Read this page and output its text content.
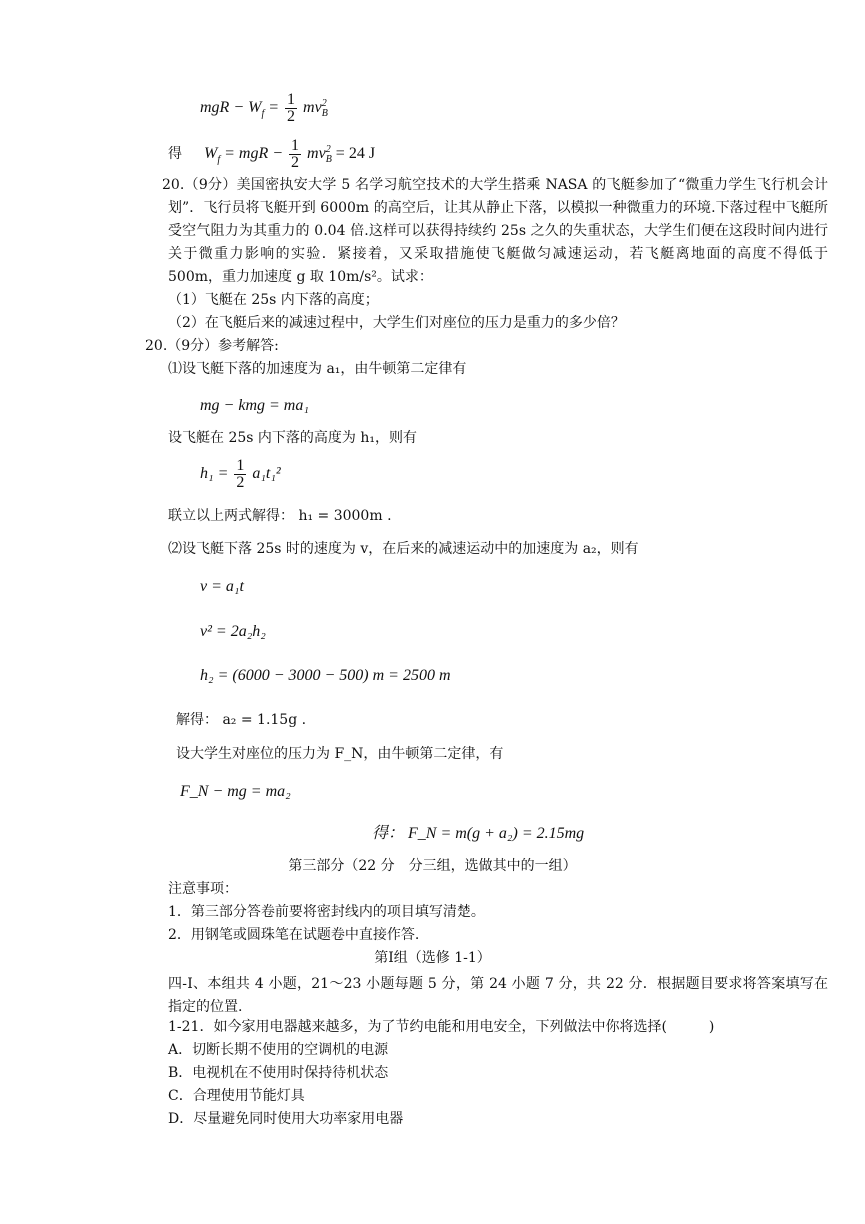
mgR − $W_f = \frac{1}{2}$ mv 2
B
得 $W_f$ = mgR − $\frac{1}{2}$ mv 2
B = 24 J
20.（9分）美国密执安大学 5 名学习航空技术的大学生搭乘 NASA 的飞艇参加了“微重力学生飞行机会计划”．飞行员将飞艇开到 6000m 的高空后，让其从静止下落，以模拟一种微重力的环境.下落过程中飞艇所受空气阻力为其重力的 0.04 倍.这样可以获得持续约 25s 之久的失重状态，大学生们便在这段时间内进行关于微重力影响的实验．紧接着，又采取措施使飞艇做匀减速运动，若飞艇离地面的高度不得低于 500m，重力加速度 g 取 10m/s²。试求：
（1）飞艇在 25s 内下落的高度；
（2）在飞艇后来的减速过程中，大学生们对座位的压力是重力的多少倍？
20.（9分）参考解答:
⑴设飞艇下落的加速度为 a₁，由牛顿第二定律有
mg − kmg = ma₁
设飞艇在 25s 内下落的高度为 h₁，则有
$h_1 = \frac{1}{2} a_1t_1^2$
联立以上两式解得： h₁ = 3000m .
⑵设飞艇下落 25s 时的速度为 v，在后来的减速运动中的加速度为 a₂，则有
v = a₁t
v² = 2a₂h₂
h₂ = (6000 − 3000 − 500) m = 2500 m
解得： a₂ = 1.15g .
设大学生对座位的压力为 F_N，由牛顿第二定律，有
F_N − mg = ma₂
得： F_N = m(g + a₂) = 2.15mg
第三部分（22 分　分三组，选做其中的一组）
注意事项：
1．第三部分答卷前要将密封线内的项目填写清楚。
2．用钢笔或圆珠笔在试题卷中直接作答.
第Ⅰ组（选修 1-1）
四-Ⅰ、本组共 4 小题，21～23 小题每题 5 分，第 24 小题 7 分，共 22 分．根据题目要求将答案填写在指定的位置.
1-21．如今家用电器越来越多，为了节约电能和用电安全，下列做法中你将选择(　　　)
A．切断长期不使用的空调机的电源
B．电视机在不使用时保持待机状态
C．合理使用节能灯具
D．尽量避免同时使用大功率家用电器
